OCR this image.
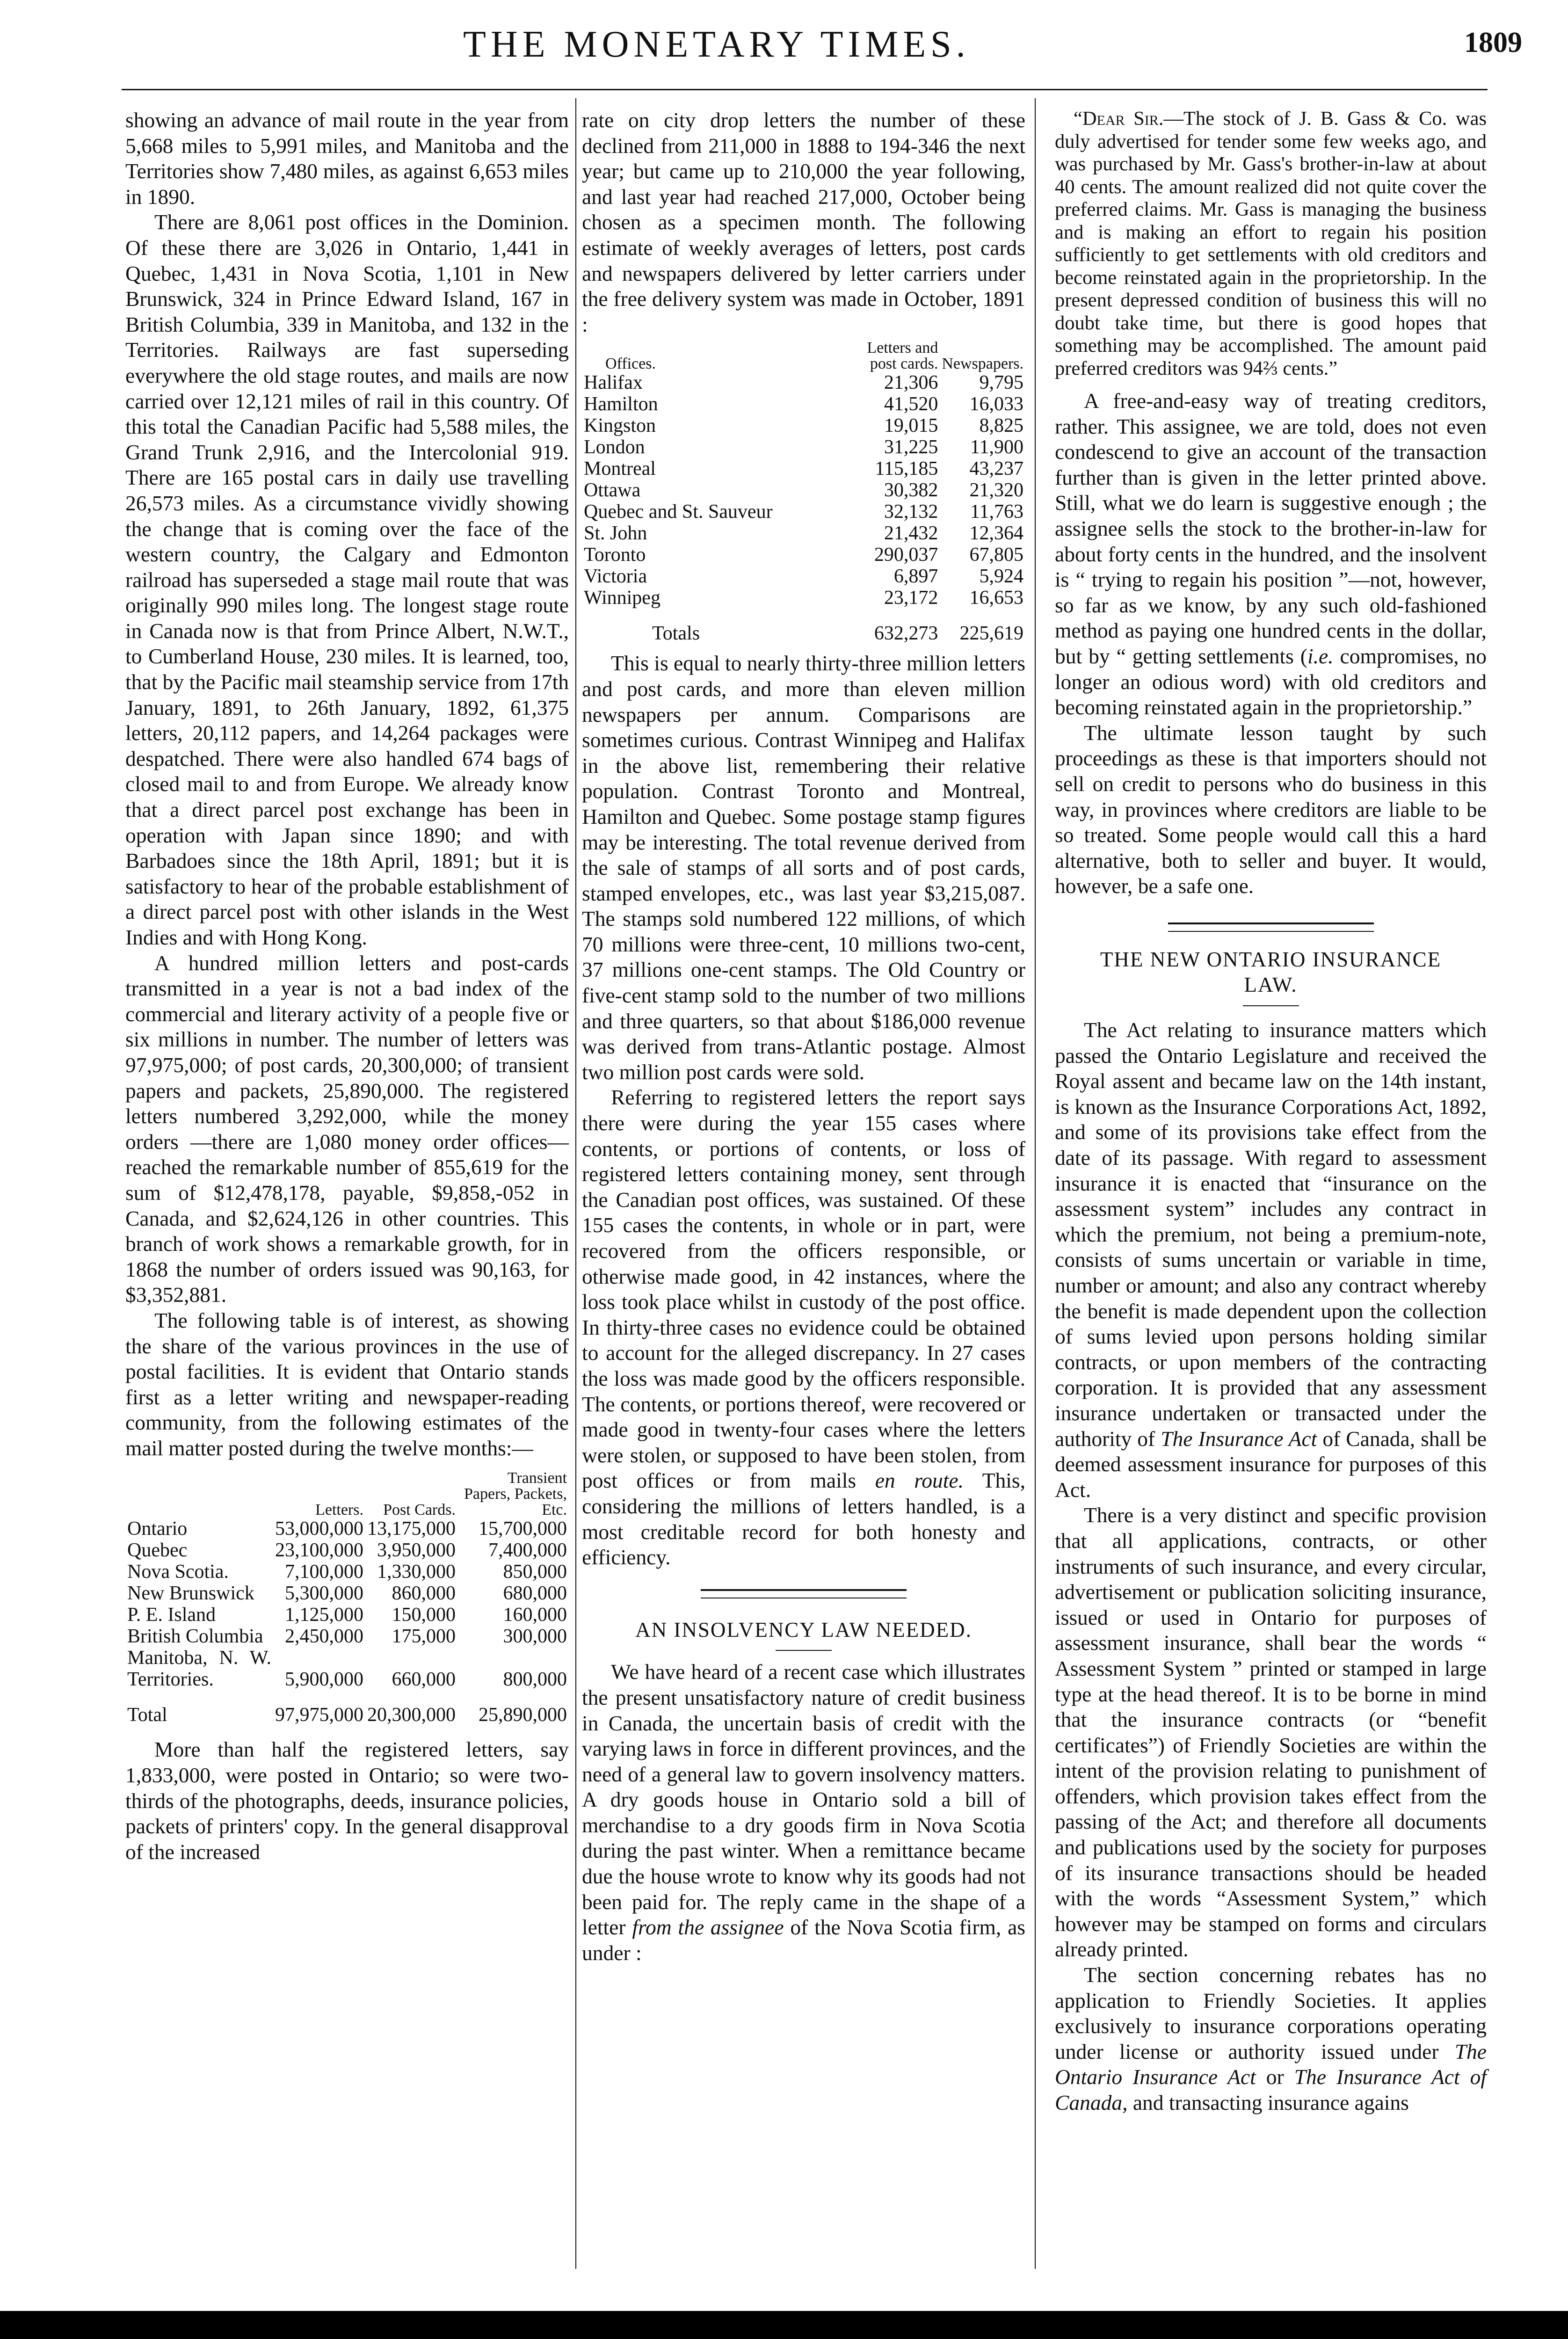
THE MONETARY TIMES.	1809

showing an advance of mail route in the year from 5,668 miles to 5,991 miles, and Manitoba and the Territories show 7,480 miles, as against 6,653 miles in 1890.

There are 8,061 post offices in the Dominion. Of these there are 3,026 in Ontario, 1,441 in Quebec, 1,431 in Nova Scotia, 1,101 in New Brunswick, 324 in Prince Edward Island, 167 in British Columbia, 339 in Manitoba, and 132 in the Territories. Railways are fast superseding everywhere the old stage routes, and mails are now carried over 12,121 miles of rail in this country. Of this total the Canadian Pacific had 5,588 miles, the Grand Trunk 2,916, and the Intercolonial 919. There are 165 postal cars in daily use travelling 26,573 miles. As a circumstance vividly showing the change that is coming over the face of the western country, the Calgary and Edmonton railroad has superseded a stage mail route that was originally 990 miles long. The longest stage route in Canada now is that from Prince Albert, N.W.T., to Cumberland House, 230 miles. It is learned, too, that by the Pacific mail steamship service from 17th January, 1891, to 26th January, 1892, 61,375 letters, 20,112 papers, and 14,264 packages were despatched. There were also handled 674 bags of closed mail to and from Europe. We already know that a direct parcel post exchange has been in operation with Japan since 1890; and with Barbadoes since the 18th April, 1891; but it is satisfactory to hear of the probable establishment of a direct parcel post with other islands in the West Indies and with Hong Kong.

A hundred million letters and post-cards transmitted in a year is not a bad index of the commercial and literary activity of a people five or six millions in number. The number of letters was 97,975,000; of post cards, 20,300,000; of transient papers and packets, 25,890,000. The registered letters numbered 3,292,000, while the money orders —there are 1,080 money order offices— reached the remarkable number of 855,619 for the sum of $12,478,178, payable, $9,858,-052 in Canada, and $2,624,126 in other countries. This branch of work shows a remarkable growth, for in 1868 the number of orders issued was 90,163, for $3,352,881.

The following table is of interest, as showing the share of the various provinces in the use of postal facilities. It is evident that Ontario stands first as a letter writing and newspaper-reading community, from the following estimates of the mail matter posted during the twelve months:—

	Letters.	Post Cards.	Transient Papers, Packets, Etc.
Ontario	53,000,000	13,175,000	15,700,000
Quebec	23,100,000	3,950,000	7,400,000
Nova Scotia.	7,100,000	1,330,000	850,000
New Brunswick	5,300,000	860,000	680,000
P. E. Island	1,125,000	150,000	160,000
British Columbia	2,450,000	175,000	300,000
Manitoba, N. W. Territories.	5,900,000	660,000	800,000
Total	97,975,000	20,300,000	25,890,000

More than half the registered letters, say 1,833,000, were posted in Ontario; so were two-thirds of the photographs, deeds, insurance policies, packets of printers' copy. In the general disapproval of the increased

rate on city drop letters the number of these declined from 211,000 in 1888 to 194-346 the next year; but came up to 210,000 the year following, and last year had reached 217,000, October being chosen as a specimen month. The following estimate of weekly averages of letters, post cards and newspapers delivered by letter carriers under the free delivery system was made in October, 1891 :

Offices.	Letters and post cards.	Newspapers.
Halifax	21,306	9,795
Hamilton	41,520	16,033
Kingston	19,015	8,825
London	31,225	11,900
Montreal	115,185	43,237
Ottawa	30,382	21,320
Quebec and St. Sauveur	32,132	11,763
St. John	21,432	12,364
Toronto	290,037	67,805
Victoria	6,897	5,924
Winnipeg	23,172	16,653
Totals	632,273	225,619

This is equal to nearly thirty-three million letters and post cards, and more than eleven million newspapers per annum. Comparisons are sometimes curious. Contrast Winnipeg and Halifax in the above list, remembering their relative population. Contrast Toronto and Montreal, Hamilton and Quebec. Some postage stamp figures may be interesting. The total revenue derived from the sale of stamps of all sorts and of post cards, stamped envelopes, etc., was last year $3,215,087. The stamps sold numbered 122 millions, of which 70 millions were three-cent, 10 millions two-cent, 37 millions one-cent stamps. The Old Country or five-cent stamp sold to the number of two millions and three quarters, so that about $186,000 revenue was derived from trans-Atlantic postage. Almost two million post cards were sold.

Referring to registered letters the report says there were during the year 155 cases where contents, or portions of contents, or loss of registered letters containing money, sent through the Canadian post offices, was sustained. Of these 155 cases the contents, in whole or in part, were recovered from the officers responsible, or otherwise made good, in 42 instances, where the loss took place whilst in custody of the post office. In thirty-three cases no evidence could be obtained to account for the alleged discrepancy. In 27 cases the loss was made good by the officers responsible. The contents, or portions thereof, were recovered or made good in twenty-four cases where the letters were stolen, or supposed to have been stolen, from post offices or from mails en route. This, considering the millions of letters handled, is a most creditable record for both honesty and efficiency.

AN INSOLVENCY LAW NEEDED.

We have heard of a recent case which illustrates the present unsatisfactory nature of credit business in Canada, the uncertain basis of credit with the varying laws in force in different provinces, and the need of a general law to govern insolvency matters. A dry goods house in Ontario sold a bill of merchandise to a dry goods firm in Nova Scotia during the past winter. When a remittance became due the house wrote to know why its goods had not been paid for. The reply came in the shape of a letter from the assignee of the Nova Scotia firm, as under :

“Dear Sir.—The stock of J. B. Gass & Co. was duly advertised for tender some few weeks ago, and was purchased by Mr. Gass's brother-in-law at about 40 cents. The amount realized did not quite cover the preferred claims. Mr. Gass is managing the business and is making an effort to regain his position sufficiently to get settlements with old creditors and become reinstated again in the proprietorship. In the present depressed condition of business this will no doubt take time, but there is good hopes that something may be accomplished. The amount paid preferred creditors was 94⅔ cents.”

A free-and-easy way of treating creditors, rather. This assignee, we are told, does not even condescend to give an account of the transaction further than is given in the letter printed above. Still, what we do learn is suggestive enough ; the assignee sells the stock to the brother-in-law for about forty cents in the hundred, and the insolvent is “ trying to regain his position ”—not, however, so far as we know, by any such old-fashioned method as paying one hundred cents in the dollar, but by “ getting settlements (i.e. compromises, no longer an odious word) with old creditors and becoming reinstated again in the proprietorship.”

The ultimate lesson taught by such proceedings as these is that importers should not sell on credit to persons who do business in this way, in provinces where creditors are liable to be so treated. Some people would call this a hard alternative, both to seller and buyer. It would, however, be a safe one.

THE NEW ONTARIO INSURANCE LAW.

The Act relating to insurance matters which passed the Ontario Legislature and received the Royal assent and became law on the 14th instant, is known as the Insurance Corporations Act, 1892, and some of its provisions take effect from the date of its passage. With regard to assessment insurance it is enacted that “insurance on the assessment system” includes any contract in which the premium, not being a premium-note, consists of sums uncertain or variable in time, number or amount; and also any contract whereby the benefit is made dependent upon the collection of sums levied upon persons holding similar contracts, or upon members of the contracting corporation. It is provided that any assessment insurance undertaken or transacted under the authority of The Insurance Act of Canada, shall be deemed assessment insurance for purposes of this Act.

There is a very distinct and specific provision that all applications, contracts, or other instruments of such insurance, and every circular, advertisement or publication soliciting insurance, issued or used in Ontario for purposes of assessment insurance, shall bear the words “ Assessment System ” printed or stamped in large type at the head thereof. It is to be borne in mind that the insurance contracts (or “benefit certificates”) of Friendly Societies are within the intent of the provision relating to punishment of offenders, which provision takes effect from the passing of the Act; and therefore all documents and publications used by the society for purposes of its insurance transactions should be headed with the words “Assessment System,” which however may be stamped on forms and circulars already printed.

The section concerning rebates has no application to Friendly Societies. It applies exclusively to insurance corporations operating under license or authority issued under The Ontario Insurance Act or The Insurance Act of Canada, and transacting insurance agains
